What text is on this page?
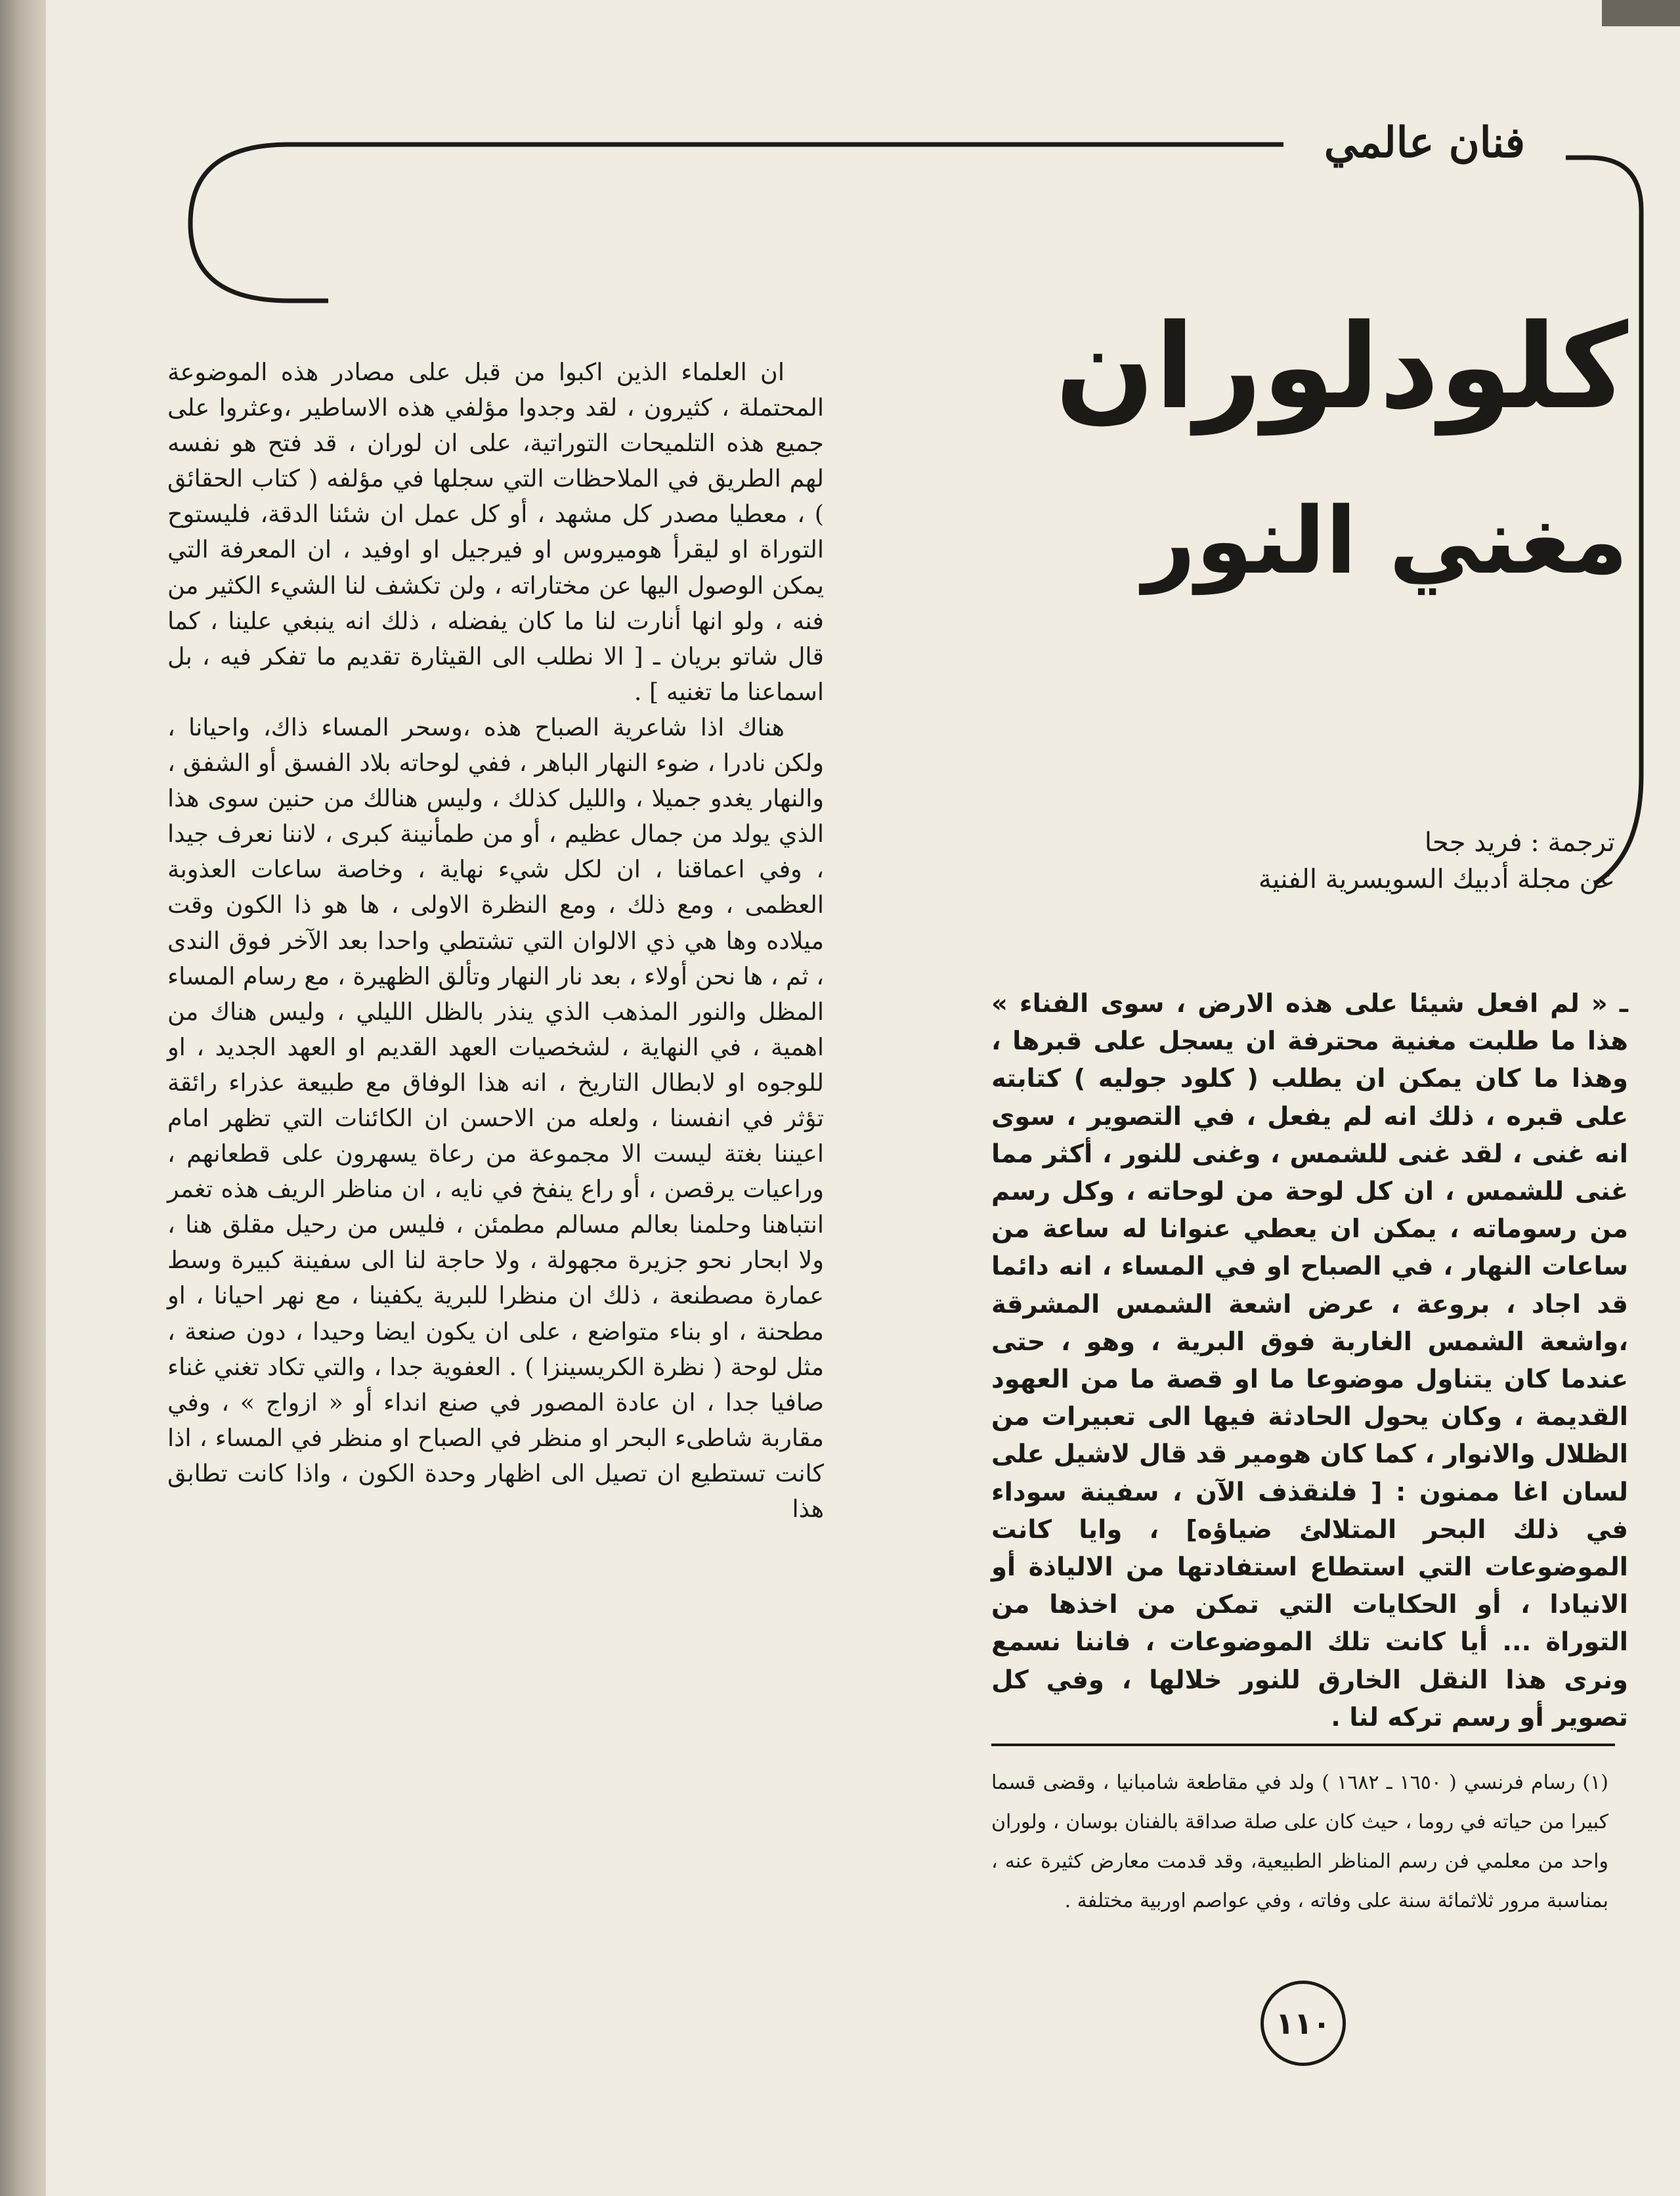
فنان عالمي
كلودلوران
مغني النور
ترجمة : فريد جحا
عن مجلة أدبيك السويسرية الفنية

ان العلماء الذين اكبوا من قبل على مصادر هذه الموضوعة المحتملة ، كثيرون ، لقد وجدوا مؤلفي هذه الاساطير ،وعثروا على جميع هذه التلميحات التوراتية، على ان لوران ، قد فتح هو نفسه لهم الطريق في الملاحظات التي سجلها في مؤلفه ( كتاب الحقائق ) ، معطيا مصدر كل مشهد ، أو كل عمل ان شئنا الدقة، فليستوح التوراة او ليقرأ هوميروس او فيرجيل او اوفيد ، ان المعرفة التي يمكن الوصول اليها عن مختاراته ، ولن تكشف لنا الشيء الكثير من فنه ، ولو انها أنارت لنا ما كان يفضله ، ذلك انه ينبغي علينا ، كما قال شاتو بريان ـ [ الا نطلب الى القيثارة تقديم ما تفكر فيه ، بل اسماعنا ما تغنيه ] .

هناك اذا شاعرية الصباح هذه ،وسحر المساء ذاك، واحيانا ، ولكن نادرا ، ضوء النهار الباهر ، ففي لوحاته بلاد الفسق أو الشفق ، والنهار يغدو جميلا ، والليل كذلك ، وليس هنالك من حنين سوى هذا الذي يولد من جمال عظيم ، أو من طمأنينة كبرى ، لاننا نعرف جيدا ، وفي اعماقنا ، ان لكل شيء نهاية ، وخاصة ساعات العذوبة العظمى ، ومع ذلك ، ومع النظرة الاولى ، ها هو ذا الكون وقت ميلاده وها هي ذي الالوان التي تشتطي واحدا بعد الآخر فوق الندى ، ثم ، ها نحن أولاء ، بعد نار النهار وتألق الظهيرة ، مع رسام المساء المظل والنور المذهب الذي ينذر بالظل الليلي ، وليس هناك من اهمية ، في النهاية ، لشخصيات العهد القديم او العهد الجديد ، او للوجوه او لابطال التاريخ ، انه هذا الوفاق مع طبيعة عذراء رائقة تؤثر في انفسنا ، ولعله من الاحسن ان الكائنات التي تظهر امام اعيننا بغتة ليست الا مجموعة من رعاة يسهرون على قطعانهم ، وراعيات يرقصن ، أو راع ينفخ في نايه ، ان مناظر الريف هذه تغمر انتباهنا وحلمنا بعالم مسالم مطمئن ، فليس من رحيل مقلق هنا ، ولا ابحار نحو جزيرة مجهولة ، ولا حاجة لنا الى سفينة كبيرة وسط عمارة مصطنعة ، ذلك ان منظرا للبرية يكفينا ، مع نهر احيانا ، او مطحنة ، او بناء متواضع ، على ان يكون ايضا وحيدا ، دون صنعة ، مثل لوحة ( نظرة الكريسينزا ) . العفوية جدا ، والتي تكاد تغني غناء صافيا جدا ، ان عادة المصور في صنع انداء أو « ازواج » ، وفي مقاربة شاطىء البحر او منظر في الصباح او منظر في المساء ، اذا كانت تستطيع ان تصيل الى اظهار وحدة الكون ، واذا كانت تطابق هذا

ـ « لم افعل شيئا على هذه الارض ، سوى الفناء » هذا ما طلبت مغنية محترفة ان يسجل على قبرها ، وهذا ما كان يمكن ان يطلب ( كلود جوليه ) كتابته على قبره ، ذلك انه لم يفعل ، في التصوير ، سوى انه غنى ، لقد غنى للشمس ، وغنى للنور ، أكثر مما غنى للشمس ، ان كل لوحة من لوحاته ، وكل رسم من رسوماته ، يمكن ان يعطي عنوانا له ساعة من ساعات النهار ، في الصباح او في المساء ، انه دائما قد اجاد ، بروعة ، عرض اشعة الشمس المشرقة ،واشعة الشمس الغاربة فوق البرية ، وهو ، حتى عندما كان يتناول موضوعا ما او قصة ما من العهود القديمة ، وكان يحول الحادثة فيها الى تعبيرات من الظلال والانوار ، كما كان هومير قد قال لاشيل على لسان اغا ممنون : [ فلنقذف الآن ، سفينة سوداء في ذلك البحر المتلالئ ضياؤه] ، وايا كانت الموضوعات التي استطاع استفادتها من الالياذة أو الانيادا ، أو الحكايات التي تمكن من اخذها من التوراة ... أيا كانت تلك الموضوعات ، فاننا نسمع ونرى هذا النقل الخارق للنور خلالها ، وفي كل تصوير أو رسم تركه لنا .

(١) رسام فرنسي ( ١٦٥٠ ـ ١٦٨٢ ) ولد في مقاطعة شامبانيا ، وقضى قسما كبيرا من حياته في روما ، حيث كان على صلة صداقة بالفنان بوسان ، ولوران واحد من معلمي فن رسم المناظر الطبيعية، وقد قدمت معارض كثيرة عنه ، بمناسبة مرور ثلاثمائة سنة على وفاته ، وفي عواصم اوربية مختلفة .

١١٠
